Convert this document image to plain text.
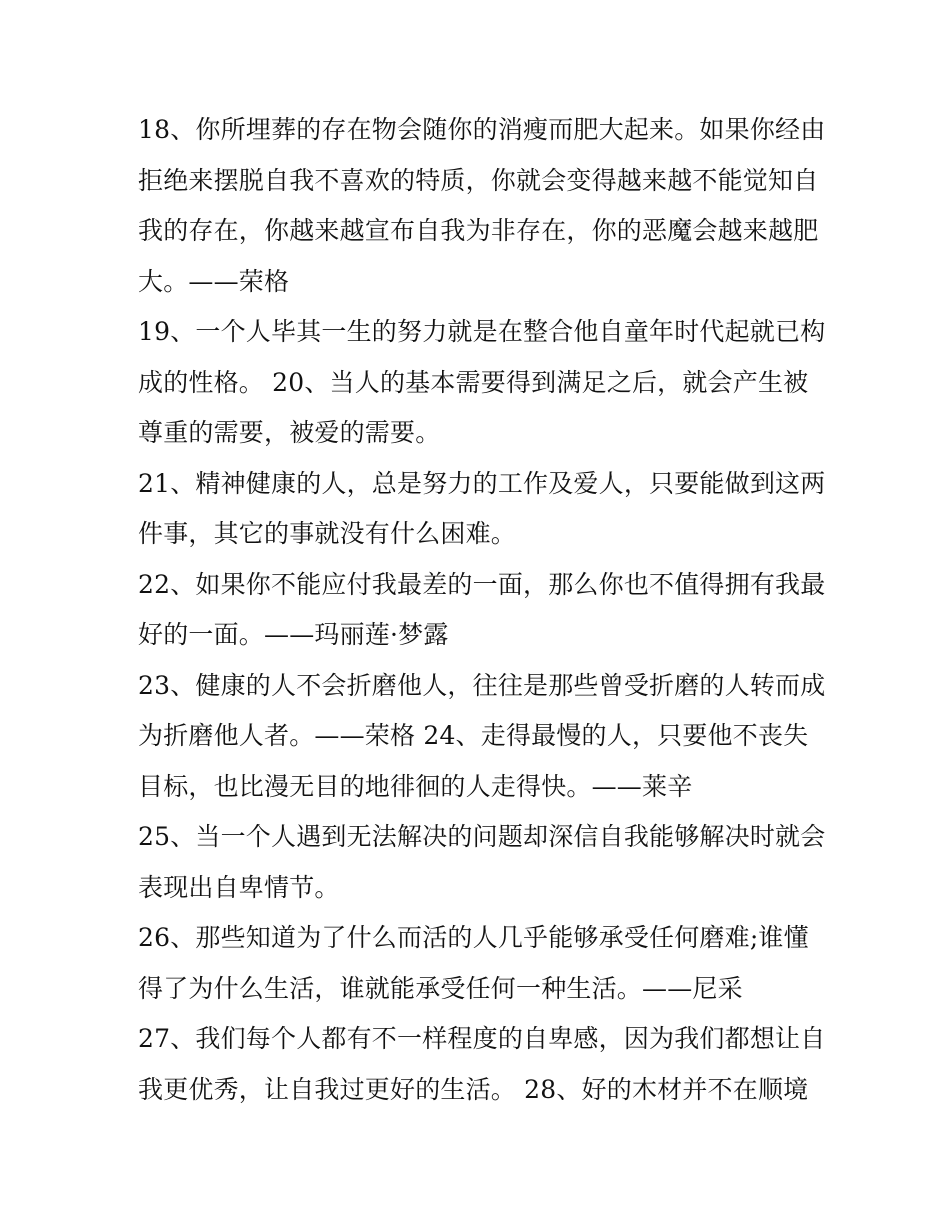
18、你所埋葬的存在物会随你的消瘦而肥大起来。如果你经由
拒绝来摆脱自我不喜欢的特质，你就会变得越来越不能觉知自
我的存在，你越来越宣布自我为非存在，你的恶魔会越来越肥
大。——荣格
19、一个人毕其一生的努力就是在整合他自童年时代起就已构
成的性格。 20、当人的基本需要得到满足之后，就会产生被
尊重的需要，被爱的需要。
21、精神健康的人，总是努力的工作及爱人，只要能做到这两
件事，其它的事就没有什么困难。
22、如果你不能应付我最差的一面，那么你也不值得拥有我最
好的一面。——玛丽莲·梦露
23、健康的人不会折磨他人，往往是那些曾受折磨的人转而成
为折磨他人者。——荣格 24、走得最慢的人，只要他不丧失
目标，也比漫无目的地徘徊的人走得快。——莱辛
25、当一个人遇到无法解决的问题却深信自我能够解决时就会
表现出自卑情节。
26、那些知道为了什么而活的人几乎能够承受任何磨难;谁懂
得了为什么生活，谁就能承受任何一种生活。——尼采
27、我们每个人都有不一样程度的自卑感，因为我们都想让自
我更优秀，让自我过更好的生活。 28、好的木材并不在顺境
